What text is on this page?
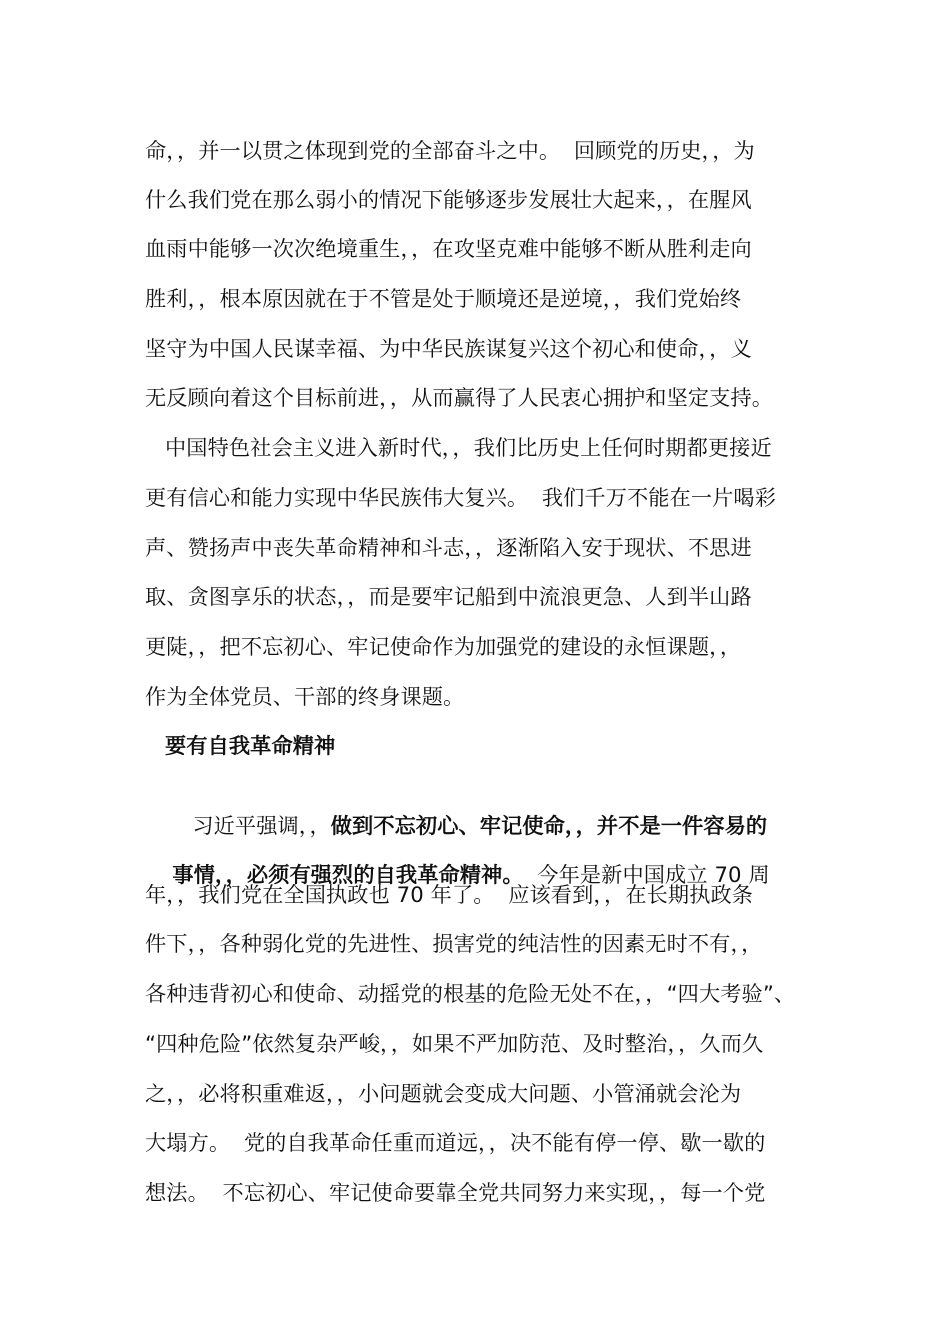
命，，并一以贯之体现到党的全部奋斗之中。  回顾党的历史，，为
什么我们党在那么弱小的情况下能够逐步发展壮大起来，，在腥风
血雨中能够一次次绝境重生，，在攻坚克难中能够不断从胜利走向
胜利，，根本原因就在于不管是处于顺境还是逆境，，我们党始终
坚守为中国人民谋幸福、为中华民族谋复兴这个初心和使命，，义
无反顾向着这个目标前进，，从而赢得了人民衷心拥护和坚定支持。
中国特色社会主义进入新时代，，我们比历史上任何时期都更接近
更有信心和能力实现中华民族伟大复兴。  我们千万不能在一片喝彩
声、赞扬声中丧失革命精神和斗志，，逐渐陷入安于现状、不思进
取、贪图享乐的状态，，而是要牢记船到中流浪更急、人到半山路
更陡，，把不忘初心、牢记使命作为加强党的建设的永恒课题，，
作为全体党员、干部的终身课题。
要有自我革命精神

习近平强调，，做到不忘初心、牢记使命，，并不是一件容易的

事情，，必须有强烈的自我革命精神。  今年是新中国成立 70 周

年，，我们党在全国执政也 70 年了。  应该看到，，在长期执政条
件下，，各种弱化党的先进性、损害党的纯洁性的因素无时不有，，
各种违背初心和使命、动摇党的根基的危险无处不在，，“四大考验”、
“四种危险”依然复杂严峻，，如果不严加防范、及时整治，，久而久
之，，必将积重难返，，小问题就会变成大问题、小管涌就会沦为
大塌方。  党的自我革命任重而道远，，决不能有停一停、歇一歇的
想法。  不忘初心、牢记使命要靠全党共同努力来实现，，每一个党
